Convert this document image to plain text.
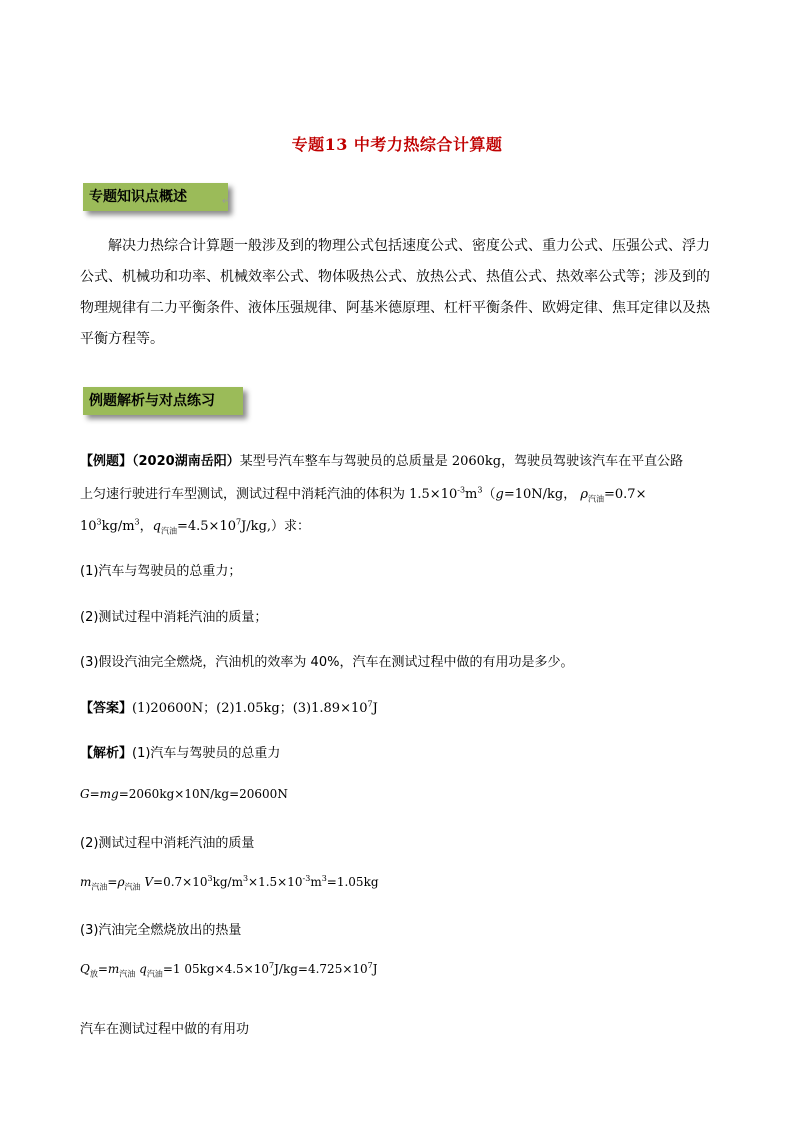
专题13 中考力热综合计算题
专题知识点概述	↵

解决力热综合计算题一般涉及到的物理公式包括速度公式、密度公式、重力公式、压强公式、浮力

公式、机械功和功率、机械效率公式、物体吸热公式、放热公式、热值公式、热效率公式等；涉及到的

物理规律有二力平衡条件、液体压强规律、阿基米德原理、杠杆平衡条件、欧姆定律、焦耳定律以及热

平衡方程等。

例题解析与对点练习
【例题】（2020湖南岳阳）某型号汽车整车与驾驶员的总质量是 2060kg，驾驶员驾驶该汽车在平直公路
上匀速行驶进行车型测试，测试过程中消耗汽油的体积为 $1.5\times 10^{-3}m^3(g=10N/kg$， $\rho_{汽油}=0.7\times$
$10^3kg/m^3$，$q_{汽油}=4.5\times 10^7J/kg$,）求：
(1)汽车与驾驶员的总重力；
(2)测试过程中消耗汽油的质量；
(3)假设汽油完全燃烧，汽油机的效率为 40%，汽车在测试过程中做的有用功是多少。
【答案】(1)20600N；(2)1.05kg；$(3)1.89\times 10^7J$
【解析】(1)汽车与驾驶员的总重力
G=mg=2060kg×10N/kg=20600N
(2)测试过程中消耗汽油的质量
$m_{汽油}=\rho_{汽油}$ $V=0.7\times 10^3kg/m^3\times 1.5\times 10^{-3}m^3=1.05kg$
(3)汽油完全燃烧放出的热量
$Q_放=m_{汽油}$ $q_{汽油}=1$ $05kg\times 4.5\times 10^7J/kg=4.725\times 10^7J$
汽车在测试过程中做的有用功
